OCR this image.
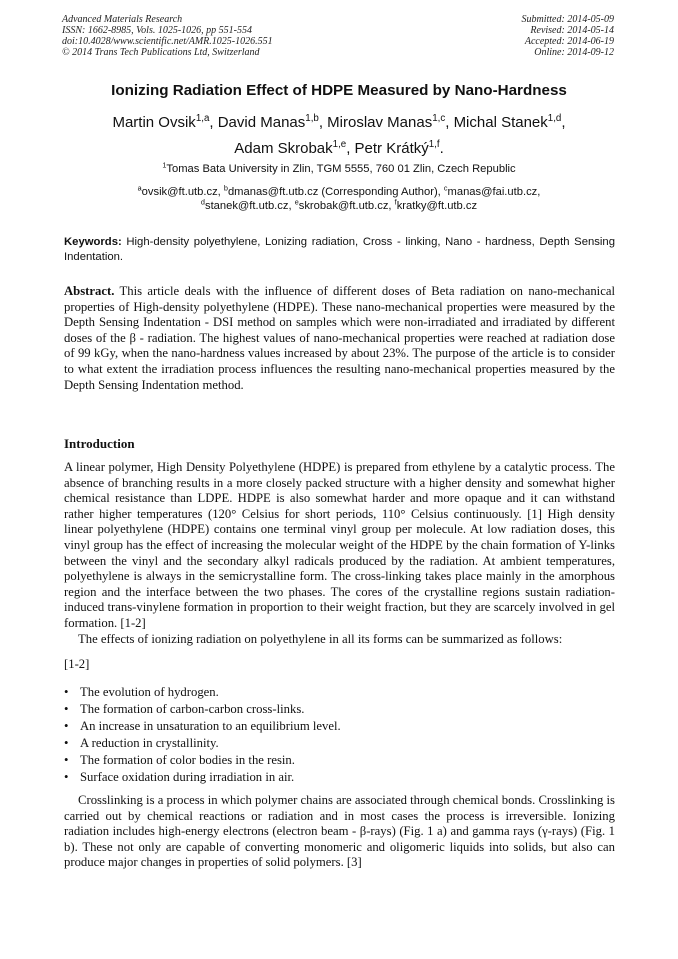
Advanced Materials Research
ISSN: 1662-8985, Vols. 1025-1026, pp 551-554
doi:10.4028/www.scientific.net/AMR.1025-1026.551
© 2014 Trans Tech Publications Ltd, Switzerland
Submitted: 2014-05-09
Revised: 2014-05-14
Accepted: 2014-06-19
Online: 2014-09-12
Ionizing Radiation Effect of HDPE Measured by Nano-Hardness
Martin Ovsik$^{1,a}$, David Manas$^{1,b}$, Miroslav Manas$^{1,c}$, Michal Stanek$^{1,d}$,
Adam Skrobak$^{1,e}$, Petr Krátký$^{1,f}$.
$^1$Tomas Bata University in Zlin, TGM 5555, 760 01 Zlin, Czech Republic
$^a$ovsik@ft.utb.cz, $^b$dmanas@ft.utb.cz (Corresponding Author), $^c$manas@fai.utb.cz,
$^d$stanek@ft.utb.cz, $^e$skrobak@ft.utb.cz, $^f$kratky@ft.utb.cz
Keywords: High-density polyethylene, Lonizing radiation, Cross - linking, Nano - hardness, Depth Sensing Indentation.
Abstract. This article deals with the influence of different doses of Beta radiation on nano-mechanical properties of High-density polyethylene (HDPE). These nano-mechanical properties were measured by the Depth Sensing Indentation - DSI method on samples which were non-irradiated and irradiated by different doses of the β - radiation. The highest values of nano-mechanical properties were reached at radiation dose of 99 kGy, when the nano-hardness values increased by about 23%. The purpose of the article is to consider to what extent the irradiation process influences the resulting nano-mechanical properties measured by the Depth Sensing Indentation method.
Introduction

A linear polymer, High Density Polyethylene (HDPE) is prepared from ethylene by a catalytic process. The absence of branching results in a more closely packed structure with a higher density and somewhat higher chemical resistance than LDPE. HDPE is also somewhat harder and more opaque and it can withstand rather higher temperatures (120° Celsius for short periods, 110° Celsius continuously. [1] High density linear polyethylene (HDPE) contains one terminal vinyl group per molecule. At low radiation doses, this vinyl group has the effect of increasing the molecular weight of the HDPE by the chain formation of Y-links between the vinyl and the secondary alkyl radicals produced by the radiation. At ambient temperatures, polyethylene is always in the semicrystalline form. The cross-linking takes place mainly in the amorphous region and the interface between the two phases. The cores of the crystalline regions sustain radiation-induced trans-vinylene formation in proportion to their weight fraction, but they are scarcely involved in gel formation. [1-2]

The effects of ionizing radiation on polyethylene in all its forms can be summarized as follows:

[1-2]
• The evolution of hydrogen.
• The formation of carbon-carbon cross-links.
• An increase in unsaturation to an equilibrium level.
• A reduction in crystallinity.
• The formation of color bodies in the resin.
• Surface oxidation during irradiation in air.

Crosslinking is a process in which polymer chains are associated through chemical bonds. Crosslinking is carried out by chemical reactions or radiation and in most cases the process is irreversible. Ionizing radiation includes high-energy electrons (electron beam - β-rays) (Fig. 1 a) and gamma rays (γ-rays) (Fig. 1 b). These not only are capable of converting monomeric and oligomeric liquids into solids, but also can produce major changes in properties of solid polymers. [3]
